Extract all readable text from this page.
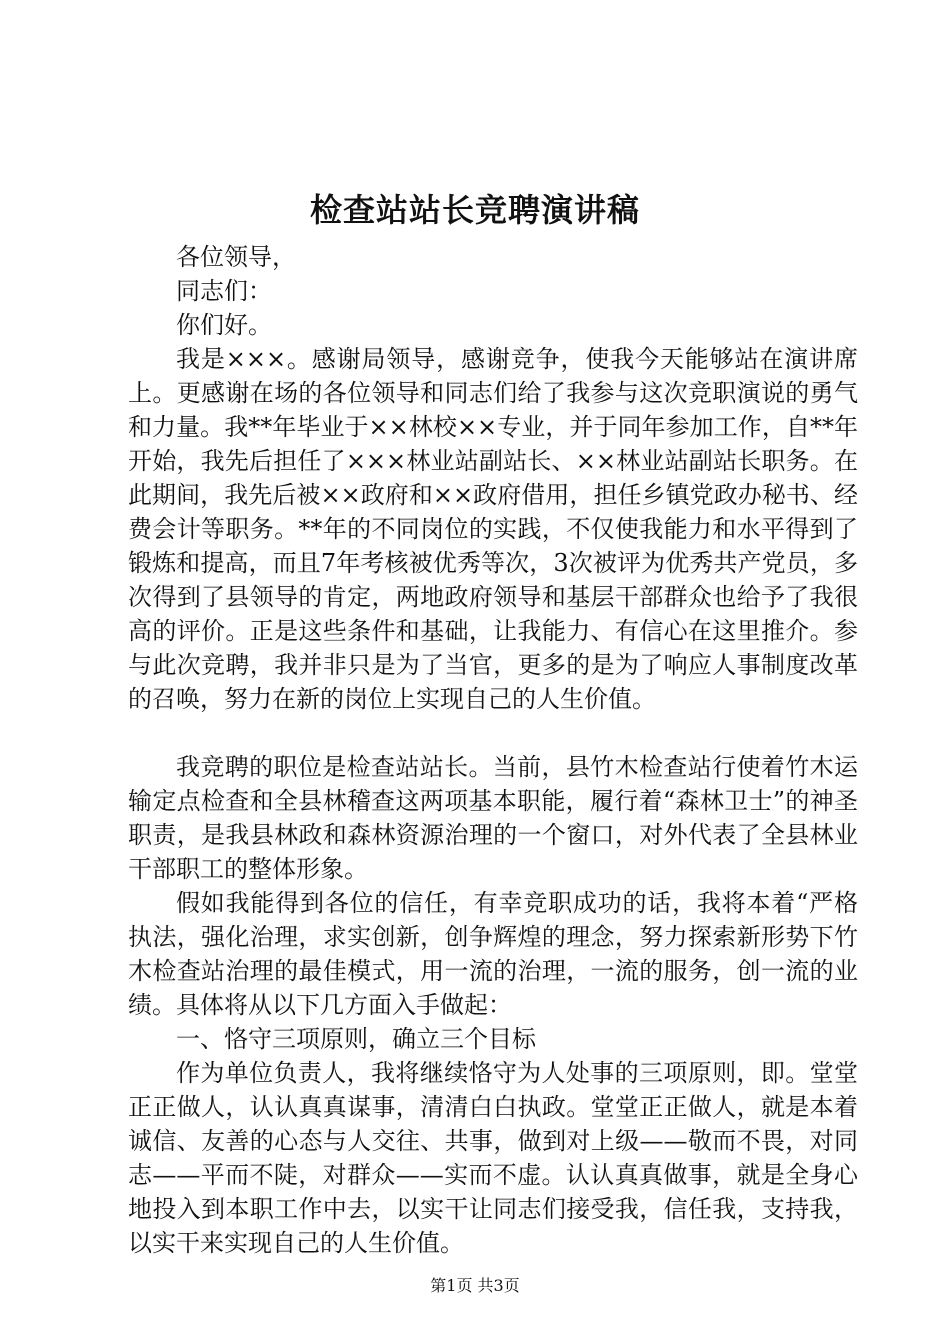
检查站站长竞聘演讲稿

各位领导，

同志们：

你们好。

我是×××。感谢局领导，感谢竞争，使我今天能够站在演讲席上。更感谢在场的各位领导和同志们给了我参与这次竞职演说的勇气和力量。我**年毕业于××林校××专业，并于同年参加工作，自**年开始，我先后担任了×××林业站副站长、××林业站副站长职务。在此期间，我先后被××政府和××政府借用，担任乡镇党政办秘书、经费会计等职务。**年的不同岗位的实践，不仅使我能力和水平得到了锻炼和提高，而且7年考核被优秀等次，3次被评为优秀共产党员，多次得到了县领导的肯定，两地政府领导和基层干部群众也给予了我很高的评价。正是这些条件和基础，让我能力、有信心在这里推介。参与此次竞聘，我并非只是为了当官，更多的是为了响应人事制度改革的召唤，努力在新的岗位上实现自己的人生价值。

我竞聘的职位是检查站站长。当前，县竹木检查站行使着竹木运输定点检查和全县林稽查这两项基本职能，履行着“森林卫士”的神圣职责，是我县林政和森林资源治理的一个窗口，对外代表了全县林业干部职工的整体形象。

假如我能得到各位的信任，有幸竞职成功的话，我将本着“严格执法，强化治理，求实创新，创争辉煌的理念，努力探索新形势下竹木检查站治理的最佳模式，用一流的治理，一流的服务，创一流的业绩。具体将从以下几方面入手做起：

一、恪守三项原则，确立三个目标

作为单位负责人，我将继续恪守为人处事的三项原则，即。堂堂正正做人，认认真真谋事，清清白白执政。堂堂正正做人，就是本着诚信、友善的心态与人交往、共事，做到对上级——敬而不畏，对同志——平而不陡，对群众——实而不虚。认认真真做事，就是全身心地投入到本职工作中去，以实干让同志们接受我，信任我，支持我，以实干来实现自己的人生价值。

第1页 共3页
